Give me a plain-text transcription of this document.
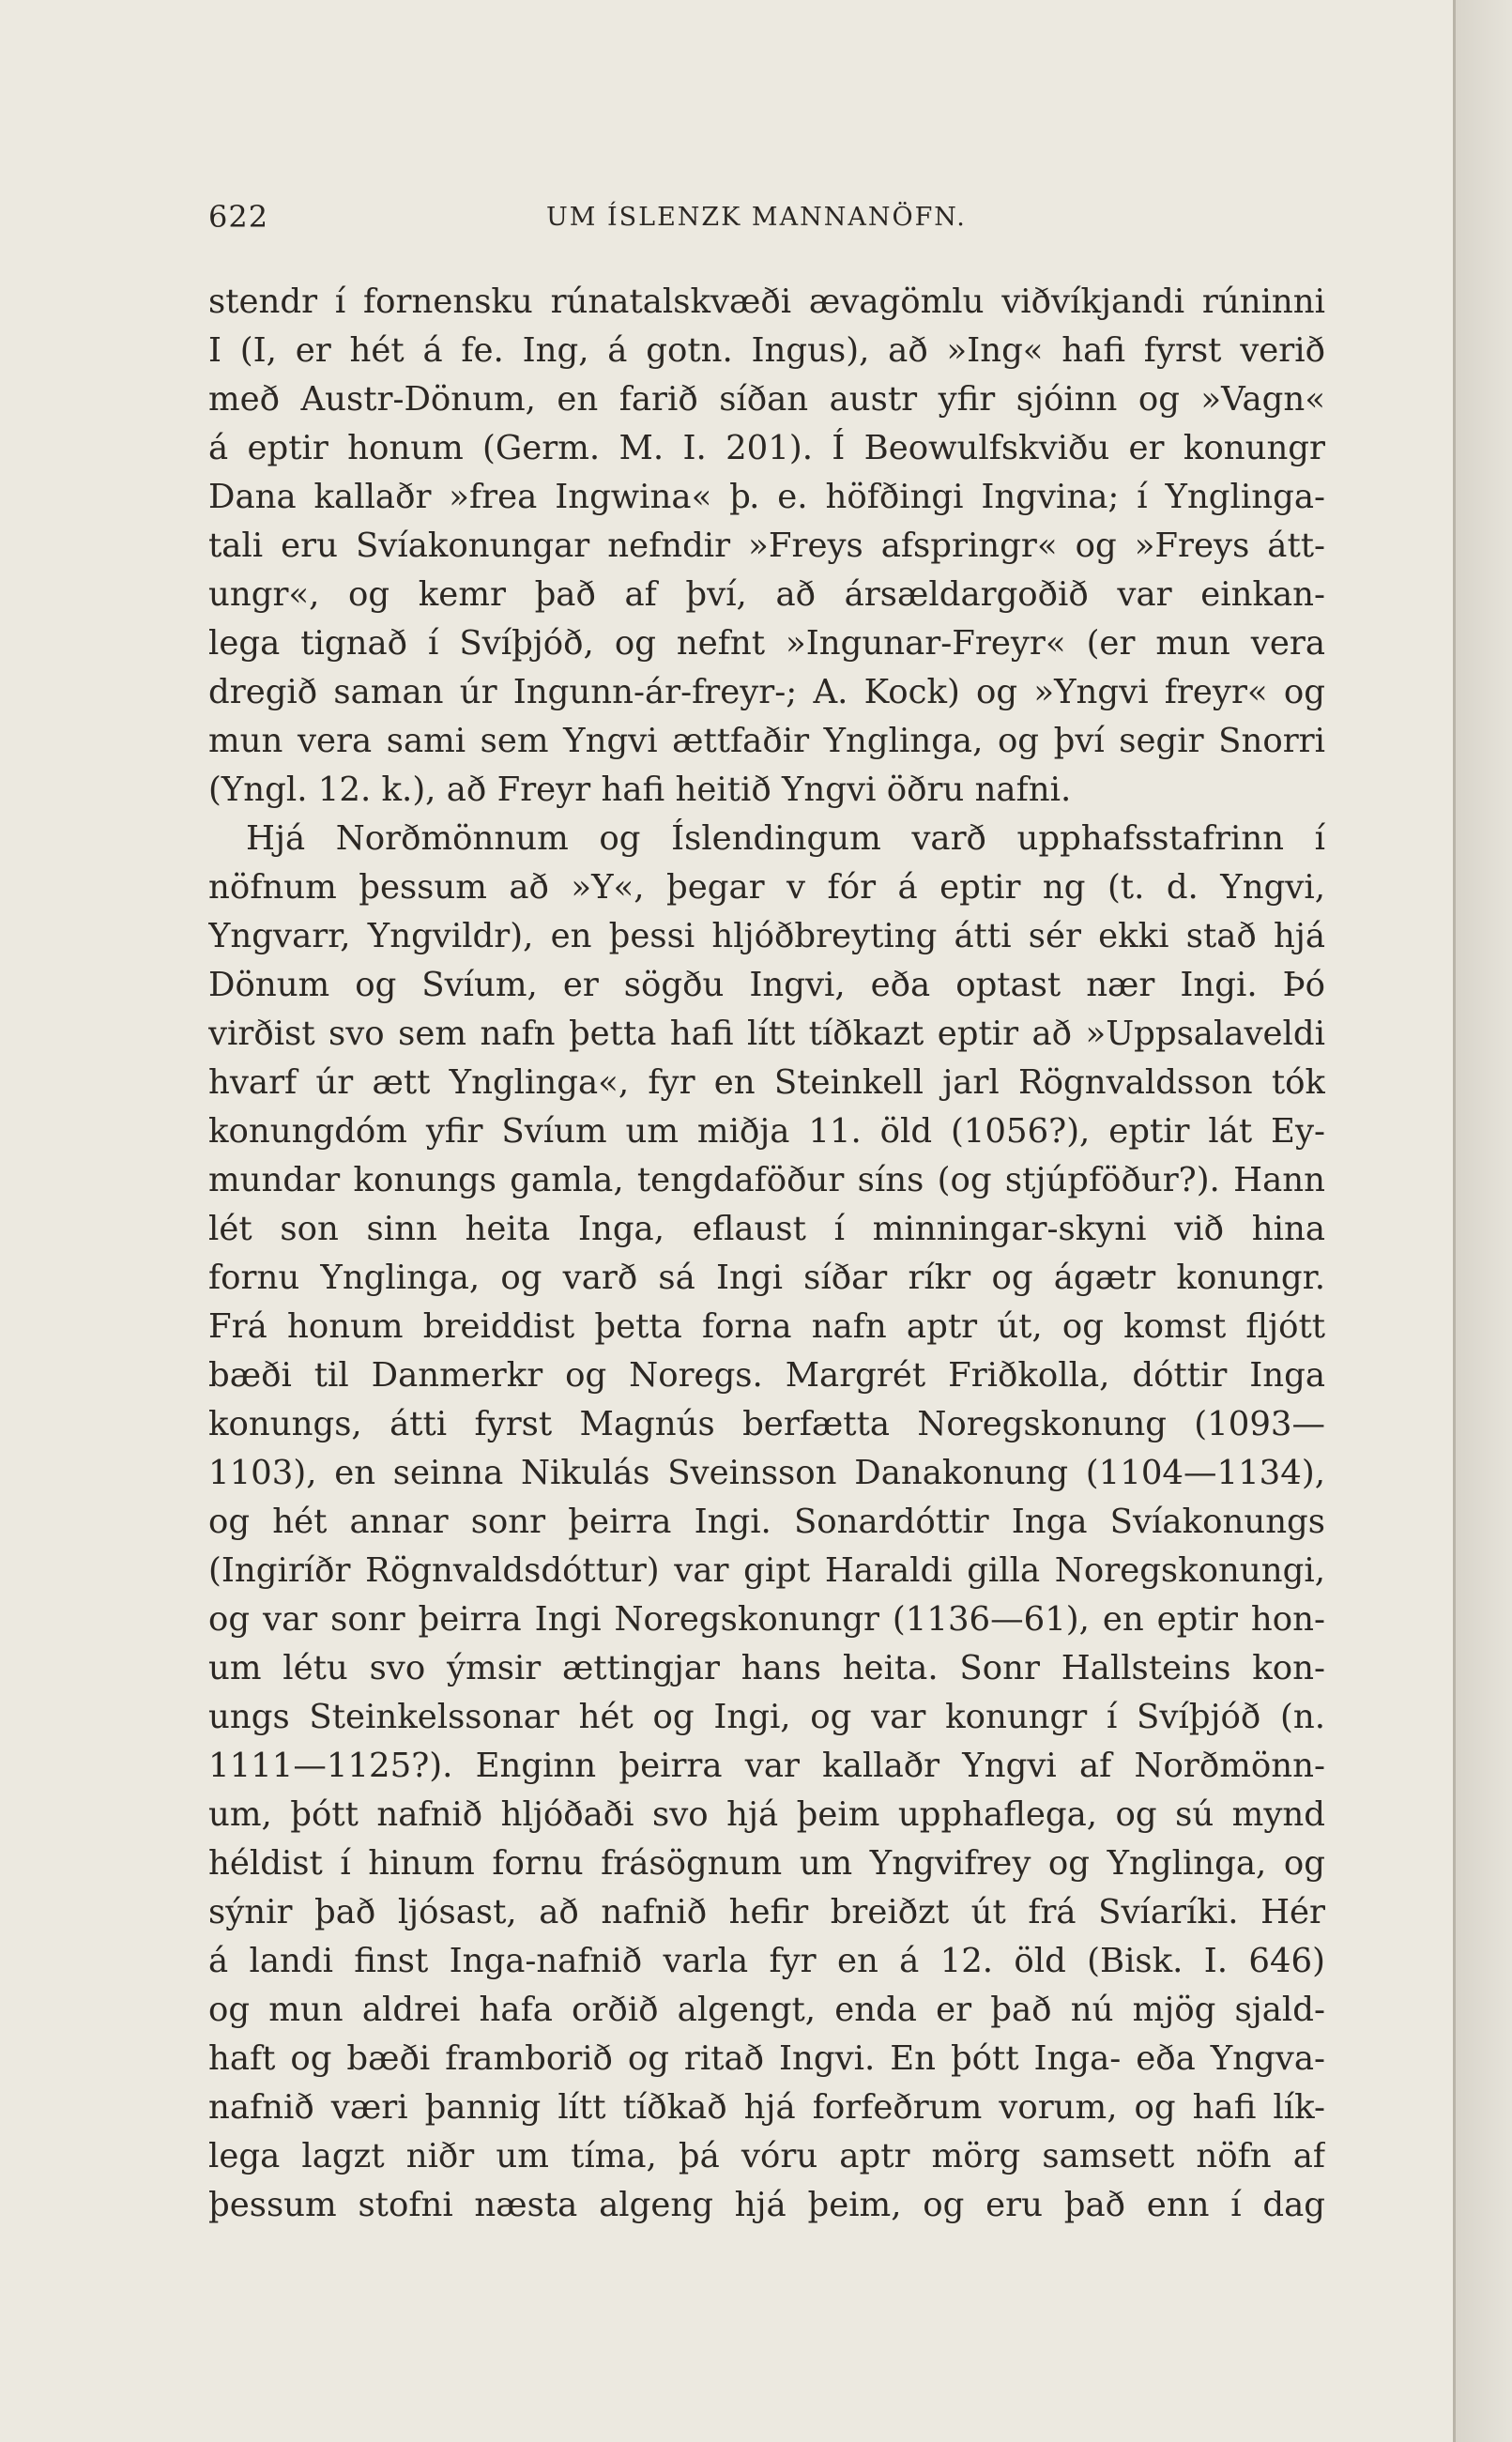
622	UM ÍSLENZK MANNANÖFN.
stendr í fornensku rúnatalskvæði ævagömlu viðvíkjandi rúninni
I (I, er hét á fe. Ing, á gotn. Ingus), að »Ing« hafi fyrst verið
með Austr-Dönum, en farið síðan austr yfir sjóinn og »Vagn«
á eptir honum (Germ. M. I. 201). Í Beowulfskviðu er konungr
Dana kallaðr »frea Ingwina« þ. e. höfðingi Ingvina; í Ynglinga-
tali eru Svíakonungar nefndir »Freys afspringr« og »Freys átt-
ungr«, og kemr það af því, að ársældargoðið var einkan-
lega tignað í Svíþjóð, og nefnt »Ingunar-Freyr« (er mun vera
dregið saman úr Ingunn-ár-freyr-; A. Kock) og »Yngvi freyr« og
mun vera sami sem Yngvi ættfaðir Ynglinga, og því segir Snorri
(Yngl. 12. k.), að Freyr hafi heitið Yngvi öðru nafni.
Hjá Norðmönnum og Íslendingum varð upphafsstafrinn í
nöfnum þessum að »Y«, þegar v fór á eptir ng (t. d. Yngvi,
Yngvarr, Yngvildr), en þessi hljóðbreyting átti sér ekki stað hjá
Dönum og Svíum, er sögðu Ingvi, eða optast nær Ingi. Þó
virðist svo sem nafn þetta hafi lítt tíðkazt eptir að »Uppsalaveldi
hvarf úr ætt Ynglinga«, fyr en Steinkell jarl Rögnvaldsson tók
konungdóm yfir Svíum um miðja 11. öld (1056?), eptir lát Ey-
mundar konungs gamla, tengdaföður síns (og stjúpföður?). Hann
lét son sinn heita Inga, eflaust í minningar-skyni við hina
fornu Ynglinga, og varð sá Ingi síðar ríkr og ágætr konungr.
Frá honum breiddist þetta forna nafn aptr út, og komst fljótt
bæði til Danmerkr og Noregs. Margrét Friðkolla, dóttir Inga
konungs, átti fyrst Magnús berfætta Noregskonung (1093—
1103), en seinna Nikulás Sveinsson Danakonung (1104—1134),
og hét annar sonr þeirra Ingi. Sonardóttir Inga Svíakonungs
(Ingiríðr Rögnvaldsdóttur) var gipt Haraldi gilla Noregskonungi,
og var sonr þeirra Ingi Noregskonungr (1136—61), en eptir hon-
um létu svo ýmsir ættingjar hans heita. Sonr Hallsteins kon-
ungs Steinkelssonar hét og Ingi, og var konungr í Svíþjóð (n.
1111—1125?). Enginn þeirra var kallaðr Yngvi af Norðmönn-
um, þótt nafnið hljóðaði svo hjá þeim upphaflega, og sú mynd
héldist í hinum fornu frásögnum um Yngvifrey og Ynglinga, og
sýnir það ljósast, að nafnið hefir breiðzt út frá Svíaríki. Hér
á landi finst Inga-nafnið varla fyr en á 12. öld (Bisk. I. 646)
og mun aldrei hafa orðið algengt, enda er það nú mjög sjald-
haft og bæði framborið og ritað Ingvi. En þótt Inga- eða Yngva-
nafnið væri þannig lítt tíðkað hjá forfeðrum vorum, og hafi lík-
lega lagzt niðr um tíma, þá vóru aptr mörg samsett nöfn af
þessum stofni næsta algeng hjá þeim, og eru það enn í dag
